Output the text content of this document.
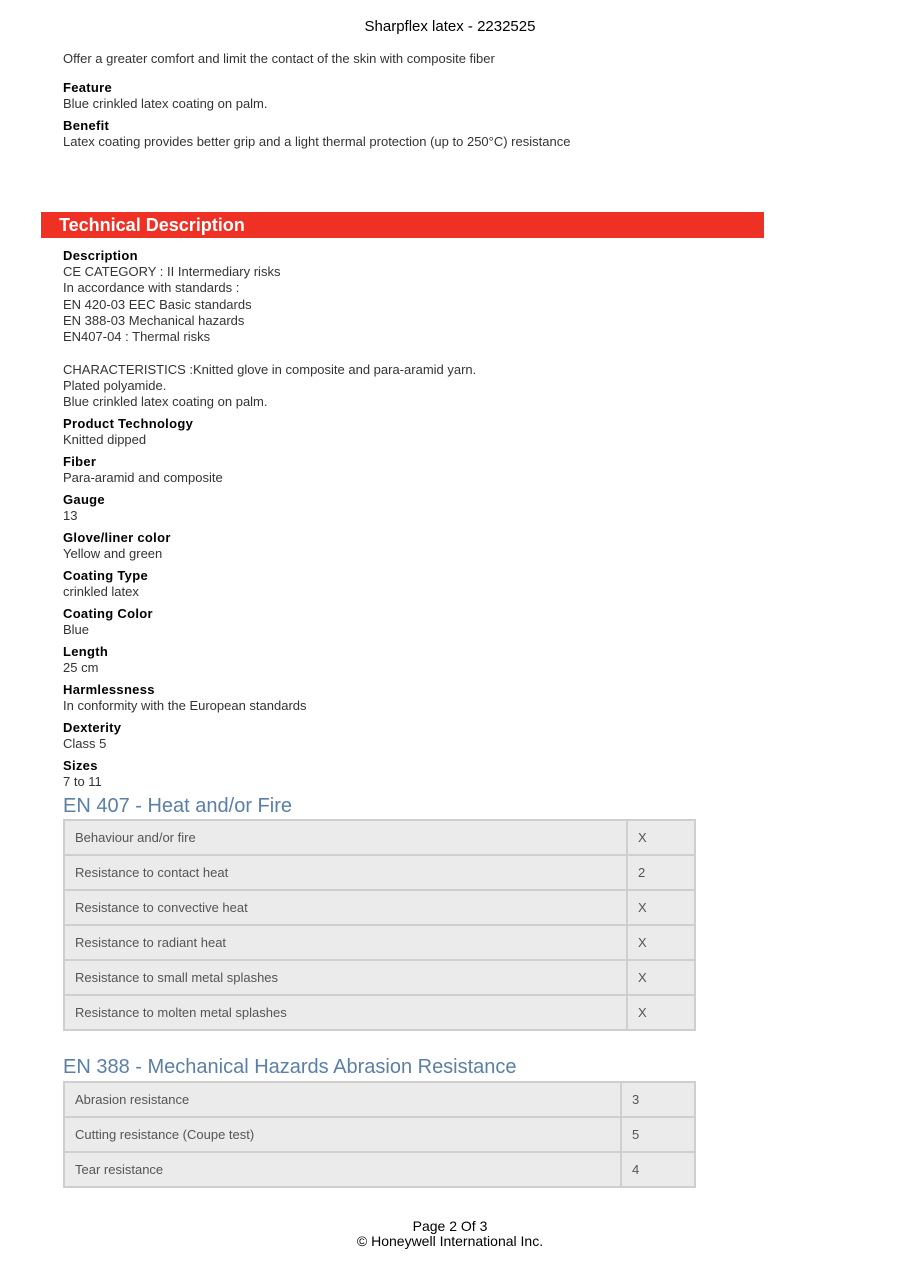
Sharpflex latex - 2232525
Offer a greater comfort and limit the contact of the skin with composite fiber
Feature
Blue crinkled latex coating on palm.
Benefit
Latex coating provides better grip and a light thermal protection (up to 250°C) resistance
Technical Description
Description
CE CATEGORY : II Intermediary risks
In accordance with standards :
EN 420-03 EEC Basic standards
EN 388-03 Mechanical hazards
EN407-04 : Thermal risks
CHARACTERISTICS :Knitted glove in composite and para-aramid yarn.
Plated polyamide.
Blue crinkled latex coating on palm.
Product Technology
Knitted dipped
Fiber
Para-aramid and composite
Gauge
13
Glove/liner color
Yellow and green
Coating Type
crinkled latex
Coating Color
Blue
Length
25 cm
Harmlessness
In conformity with the European standards
Dexterity
Class 5
Sizes
7 to 11
EN 407 - Heat and/or Fire
Behaviour and/or fire	X
Resistance to contact heat	2
Resistance to convective heat	X
Resistance to radiant heat	X
Resistance to small metal splashes	X
Resistance to molten metal splashes	X
EN 388 - Mechanical Hazards Abrasion Resistance
Abrasion resistance	3
Cutting resistance (Coupe test)	5
Tear resistance	4
Page 2 Of 3
© Honeywell International Inc.
